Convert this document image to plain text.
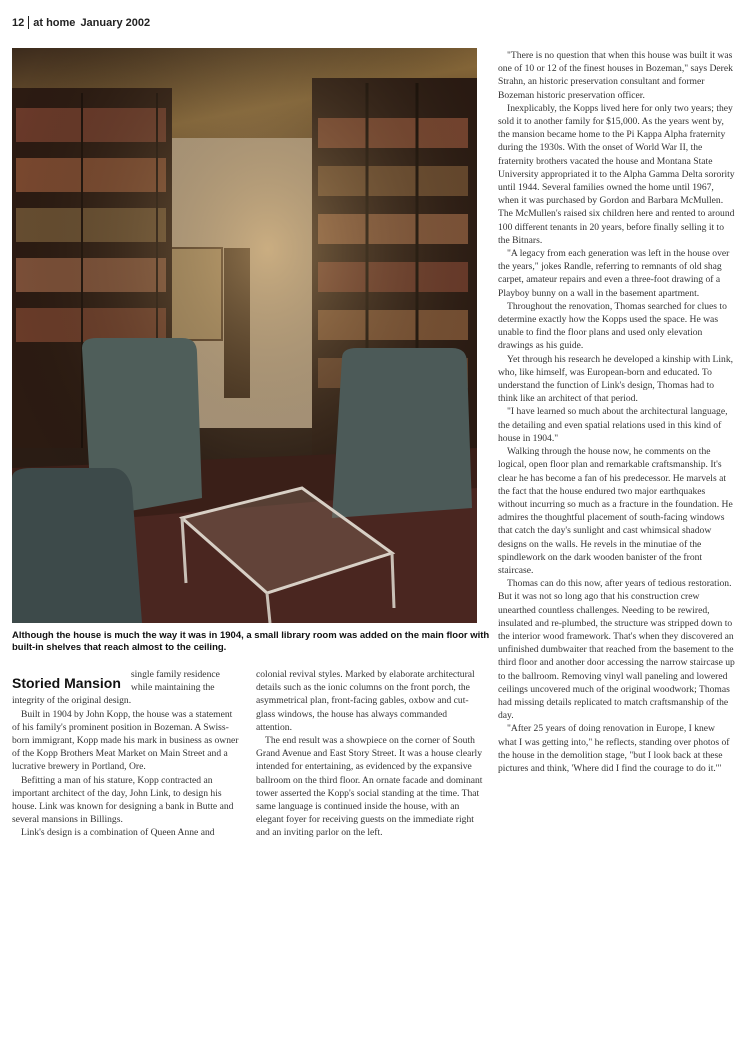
12 at home January 2002
Although the house is much the way it was in 1904, a small library room was added on the main floor with built-in shelves that reach almost to the ceiling.
Storied Mansion

single family residence while maintaining the integrity of the original design.

Built in 1904 by John Kopp, the house was a statement of his family's prominent position in Bozeman. A Swiss-born immigrant, Kopp made his mark in business as owner of the Kopp Brothers Meat Market on Main Street and a lucrative brewery in Portland, Ore.

Befitting a man of his stature, Kopp contracted an important architect of the day, John Link, to design his house. Link was known for designing a bank in Butte and several mansions in Billings.

Link's design is a combination of Queen Anne and

colonial revival styles. Marked by elaborate architectural details such as the ionic columns on the front porch, the asymmetrical plan, front-facing gables, oxbow and cut-glass windows, the house has always commanded attention.

The end result was a showpiece on the corner of South Grand Avenue and East Story Street. It was a house clearly intended for entertaining, as evidenced by the expansive ballroom on the third floor. An ornate facade and dominant tower asserted the Kopp's social standing at the time. That same language is continued inside the house, with an elegant foyer for receiving guests on the immediate right and an inviting parlor on the left.

"There is no question that when this house was built it was one of 10 or 12 of the finest houses in Bozeman," says Derek Strahn, an historic preservation consultant and former Bozeman historic preservation officer.

Inexplicably, the Kopps lived here for only two years; they sold it to another family for $15,000. As the years went by, the mansion became home to the Pi Kappa Alpha fraternity during the 1930s. With the onset of World War II, the fraternity brothers vacated the house and Montana State University appropriated it to the Alpha Gamma Delta sorority until 1944. Several families owned the home until 1967, when it was purchased by Gordon and Barbara McMullen. The McMullen's raised six children here and rented to around 100 different tenants in 20 years, before finally selling it to the Bitnars.

"A legacy from each generation was left in the house over the years," jokes Randle, referring to remnants of old shag carpet, amateur repairs and even a three-foot drawing of a Playboy bunny on a wall in the basement apartment.

Throughout the renovation, Thomas searched for clues to determine exactly how the Kopps used the space. He was unable to find the floor plans and used only elevation drawings as his guide.

Yet through his research he developed a kinship with Link, who, like himself, was European-born and educated. To understand the function of Link's design, Thomas had to think like an architect of that period.

"I have learned so much about the architectural language, the detailing and even spatial relations used in this kind of house in 1904."

Walking through the house now, he comments on the logical, open floor plan and remarkable craftsmanship. It's clear he has become a fan of his predecessor. He marvels at the fact that the house endured two major earthquakes without incurring so much as a fracture in the foundation. He admires the thoughtful placement of south-facing windows that catch the day's sunlight and cast whimsical shadow designs on the walls. He revels in the minutiae of the spindlework on the dark wooden banister of the front staircase.

Thomas can do this now, after years of tedious restoration. But it was not so long ago that his construction crew unearthed countless challenges. Needing to be rewired, insulated and re-plumbed, the structure was stripped down to the interior wood framework. That's when they discovered an unfinished dumbwaiter that reached from the basement to the third floor and another door accessing the narrow staircase up to the ballroom. Removing vinyl wall paneling and lowered ceilings uncovered much of the original woodwork; Thomas had missing details replicated to match craftsmanship of the day.

"After 25 years of doing renovation in Europe, I knew what I was getting into," he reflects, standing over photos of the house in the demolition stage, "but I look back at these pictures and think, 'Where did I find the courage to do it.'"
